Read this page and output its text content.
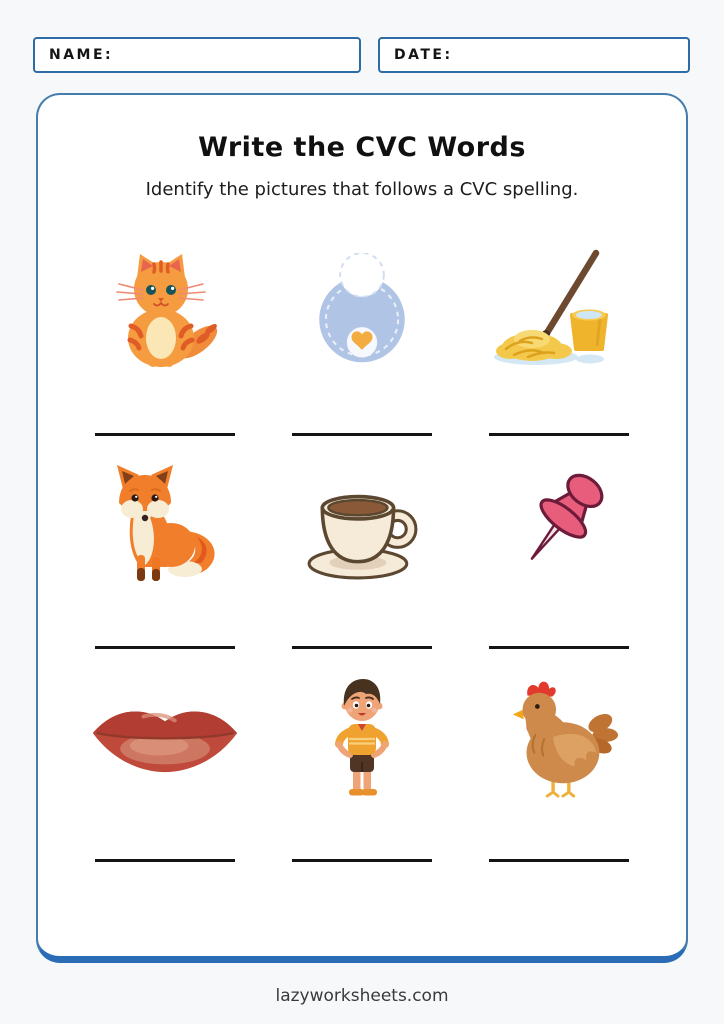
NAME:	DATE:
Write the CVC Words
Identify the pictures that follows a CVC spelling.
lazyworksheets.com
